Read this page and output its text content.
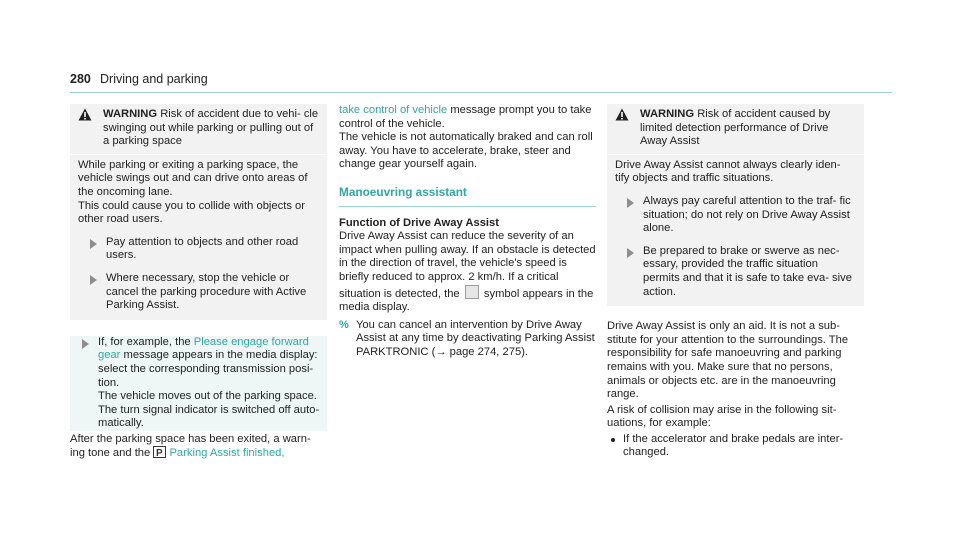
280 Driving and parking
WARNING Risk of accident due to vehi- cle swinging out while parking or pulling out of a parking space

While parking or exiting a parking space, the vehicle swings out and can drive onto areas of the oncoming lane.

This could cause you to collide with objects or other road users.

Pay attention to objects and other road users.
Where necessary, stop the vehicle or cancel the parking procedure with Active Parking Assist.
If, for example, the Please engage forward gear message appears in the media display: select the corresponding transmission posi- tion.
The vehicle moves out of the parking space. The turn signal indicator is switched off auto- matically.

After the parking space has been exited, a warn- ing tone and the P Parking Assist finished,

take control of vehicle message prompt you to take control of the vehicle.
The vehicle is not automatically braked and can roll away. You have to accelerate, brake, steer and change gear yourself again.

Manoeuvring assistant

Function of Drive Away Assist

Drive Away Assist can reduce the severity of an impact when pulling away. If an obstacle is detected in the direction of travel, the vehicle's speed is briefly reduced to approx. 2 km/h. If a critical situation is detected, the symbol appears in the media display.

% You can cancel an intervention by Drive Away Assist at any time by deactivating Parking Assist PARKTRONIC (→ page 274, 275).
WARNING Risk of accident caused by limited detection performance of Drive Away Assist

Drive Away Assist cannot always clearly iden- tify objects and traffic situations.

Always pay careful attention to the traf- fic situation; do not rely on Drive Away Assist alone.
Be prepared to brake or swerve as nec- essary, provided the traffic situation permits and that it is safe to take eva- sive action.

Drive Away Assist is only an aid. It is not a sub- stitute for your attention to the surroundings. The responsibility for safe manoeuvring and parking remains with you. Make sure that no persons, animals or objects etc. are in the manoeuvring range.

A risk of collision may arise in the following sit- uations, for example:

If the accelerator and brake pedals are inter- changed.
